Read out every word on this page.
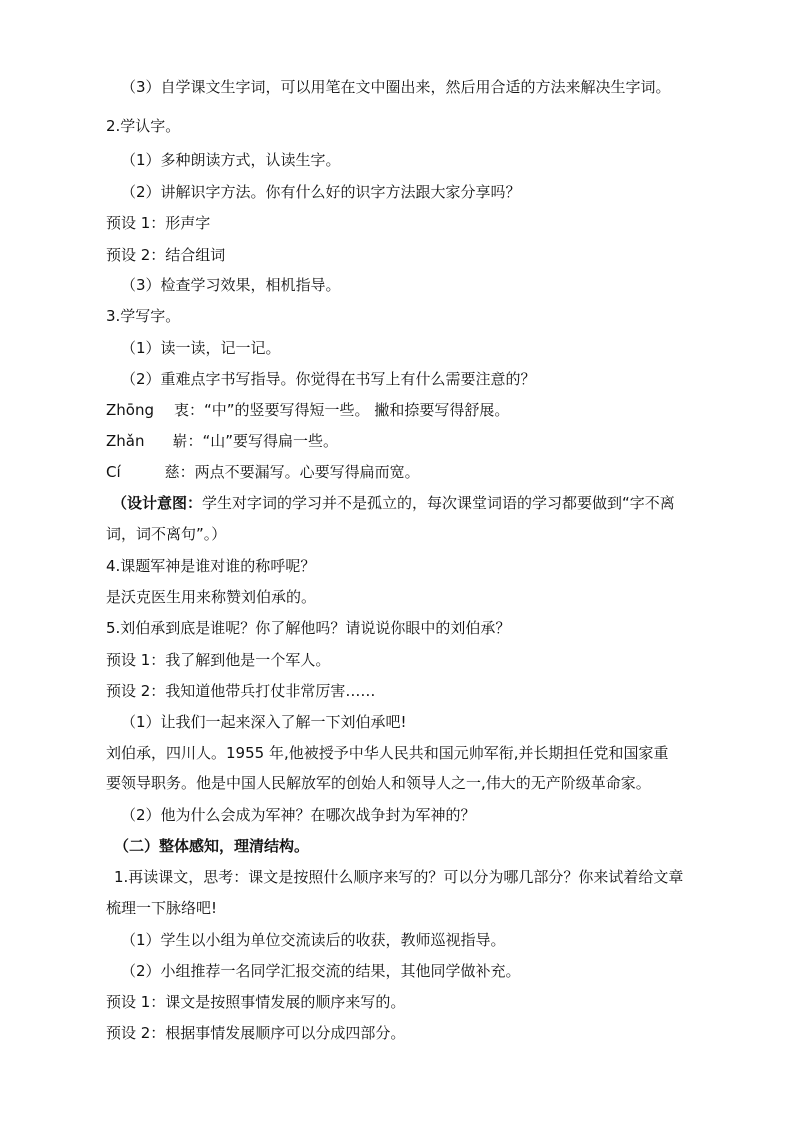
（3）自学课文生字词，可以用笔在文中圈出来，然后用合适的方法来解决生字词。
2.学认字。
（1）多种朗读方式，认读生字。
（2）讲解识字方法。你有什么好的识字方法跟大家分享吗？
预设 1：形声字
预设 2：结合组词
（3）检查学习效果，相机指导。
3.学写字。
（1）读一读，记一记。
（2）重难点字书写指导。你觉得在书写上有什么需要注意的？
Zhōng 衷：“中”的竖要写得短一些。 撇和捺要写得舒展。
Zhǎn 崭：“山”要写得扁一些。
Cí	慈：两点不要漏写。心要写得扁而宽。
（设计意图：学生对字词的学习并不是孤立的，每次课堂词语的学习都要做到“字不离
词，词不离句”。）
4.课题军神是谁对谁的称呼呢？
是沃克医生用来称赞刘伯承的。
5.刘伯承到底是谁呢？你了解他吗？请说说你眼中的刘伯承？
预设 1：我了解到他是一个军人。
预设 2：我知道他带兵打仗非常厉害……
（1）让我们一起来深入了解一下刘伯承吧!
刘伯承，四川人。1955 年,他被授予中华人民共和国元帅军衔,并长期担任党和国家重
要领导职务。他是中国人民解放军的创始人和领导人之一,伟大的无产阶级革命家。
（2）他为什么会成为军神？在哪次战争封为军神的？
（二）整体感知，理清结构。
1.再读课文，思考：课文是按照什么顺序来写的？可以分为哪几部分？你来试着给文章
梳理一下脉络吧!
（1）学生以小组为单位交流读后的收获，教师巡视指导。
（2）小组推荐一名同学汇报交流的结果，其他同学做补充。
预设 1：课文是按照事情发展的顺序来写的。
预设 2：根据事情发展顺序可以分成四部分。
